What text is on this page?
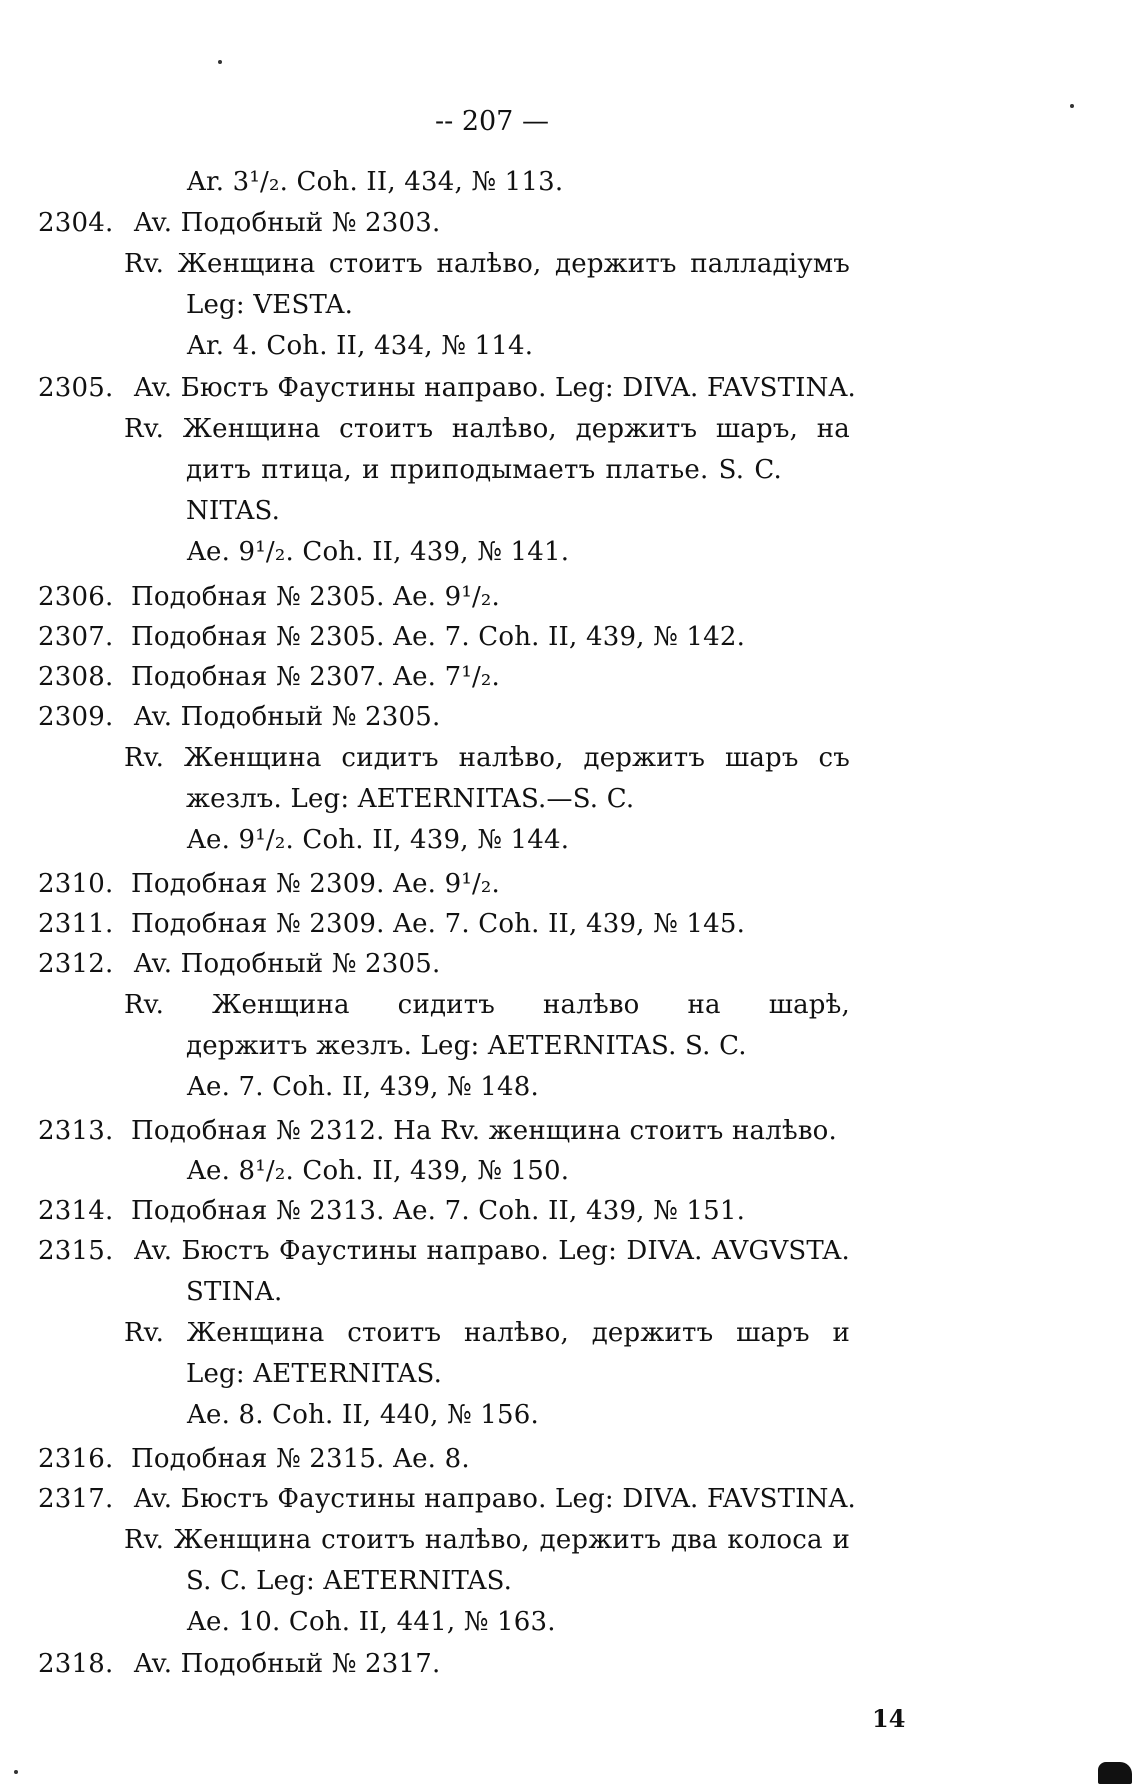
-- 207 —
Ar. 3¹/₂. Coh. II, 434, № 113.
2304. Av. Подобный № 2303.
Rv. Женщина стоитъ налѣво, держитъ палладіумъ
Leg: VESTA.
Ar. 4. Coh. II, 434, № 114.
2305. Av. Бюстъ Фаустины направо. Leg: DIVA. FAVSTINA.
Rv. Женщина стоитъ налѣво, держитъ шаръ, на
дитъ птица, и приподымаетъ платье. S. C.
NITAS.
Ae. 9¹/₂. Coh. II, 439, № 141.
2306. Подобная № 2305. Ae. 9¹/₂.
2307. Подобная № 2305. Ae. 7. Coh. II, 439, № 142.
2308. Подобная № 2307. Ae. 7¹/₂.
2309. Av. Подобный № 2305.
Rv. Женщина сидитъ налѣво, держитъ шаръ съ
жезлъ. Leg: AETERNITAS.—S. C.
Ae. 9¹/₂. Coh. II, 439, № 144.
2310. Подобная № 2309. Ae. 9¹/₂.
2311. Подобная № 2309. Ae. 7. Coh. II, 439, № 145.
2312. Av. Подобный № 2305.
Rv. Женщина сидитъ налѣво на шарѣ,
держитъ жезлъ. Leg: AETERNITAS. S. C.
Ae. 7. Coh. II, 439, № 148.
2313. Подобная № 2312. На Rv. женщина стоитъ налѣво.
Ae. 8¹/₂. Coh. II, 439, № 150.
2314. Подобная № 2313. Ae. 7. Coh. II, 439, № 151.
2315. Av. Бюстъ Фаустины направо. Leg: DIVA. AVGVSTA.
STINA.
Rv. Женщина стоитъ налѣво, держитъ шаръ и
Leg: AETERNITAS.
Ae. 8. Coh. II, 440, № 156.
2316. Подобная № 2315. Ae. 8.
2317. Av. Бюстъ Фаустины направо. Leg: DIVA. FAVSTINA.
Rv. Женщина стоитъ налѣво, держитъ два колоса и
S. C. Leg: AETERNITAS.
Ae. 10. Coh. II, 441, № 163.
2318. Av. Подобный № 2317.
14
